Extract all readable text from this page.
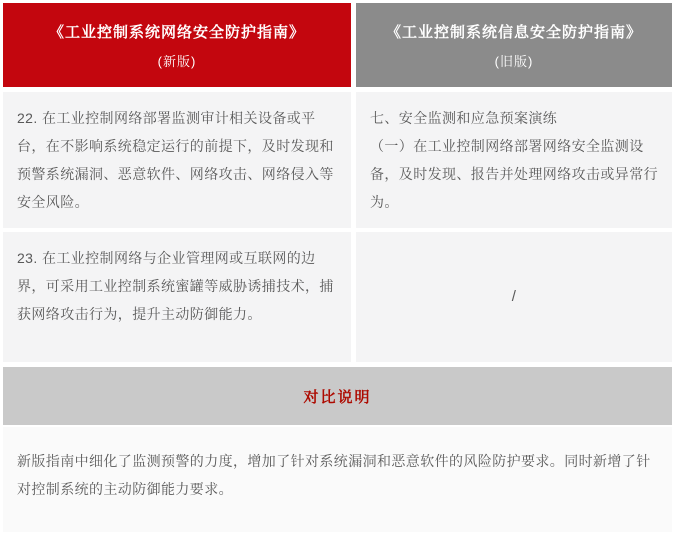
《工业控制系统网络安全防护指南》
(新版)
《工业控制系统信息安全防护指南》
(旧版)

22. 在工业控制网络部署监测审计相关设备或平台，在不影响系统稳定运行的前提下，及时发现和预警系统漏洞、恶意软件、网络攻击、网络侵入等安全风险。

七、安全监测和应急预案演练

（一）在工业控制网络部署网络安全监测设备，及时发现、报告并处理网络攻击或异常行为。

23. 在工业控制网络与企业管理网或互联网的边界，可采用工业控制系统蜜罐等威胁诱捕技术，捕获网络攻击行为，提升主动防御能力。

/
对比说明
新版指南中细化了监测预警的力度，增加了针对系统漏洞和恶意软件的风险防护要求。同时新增了针对控制系统的主动防御能力要求。
